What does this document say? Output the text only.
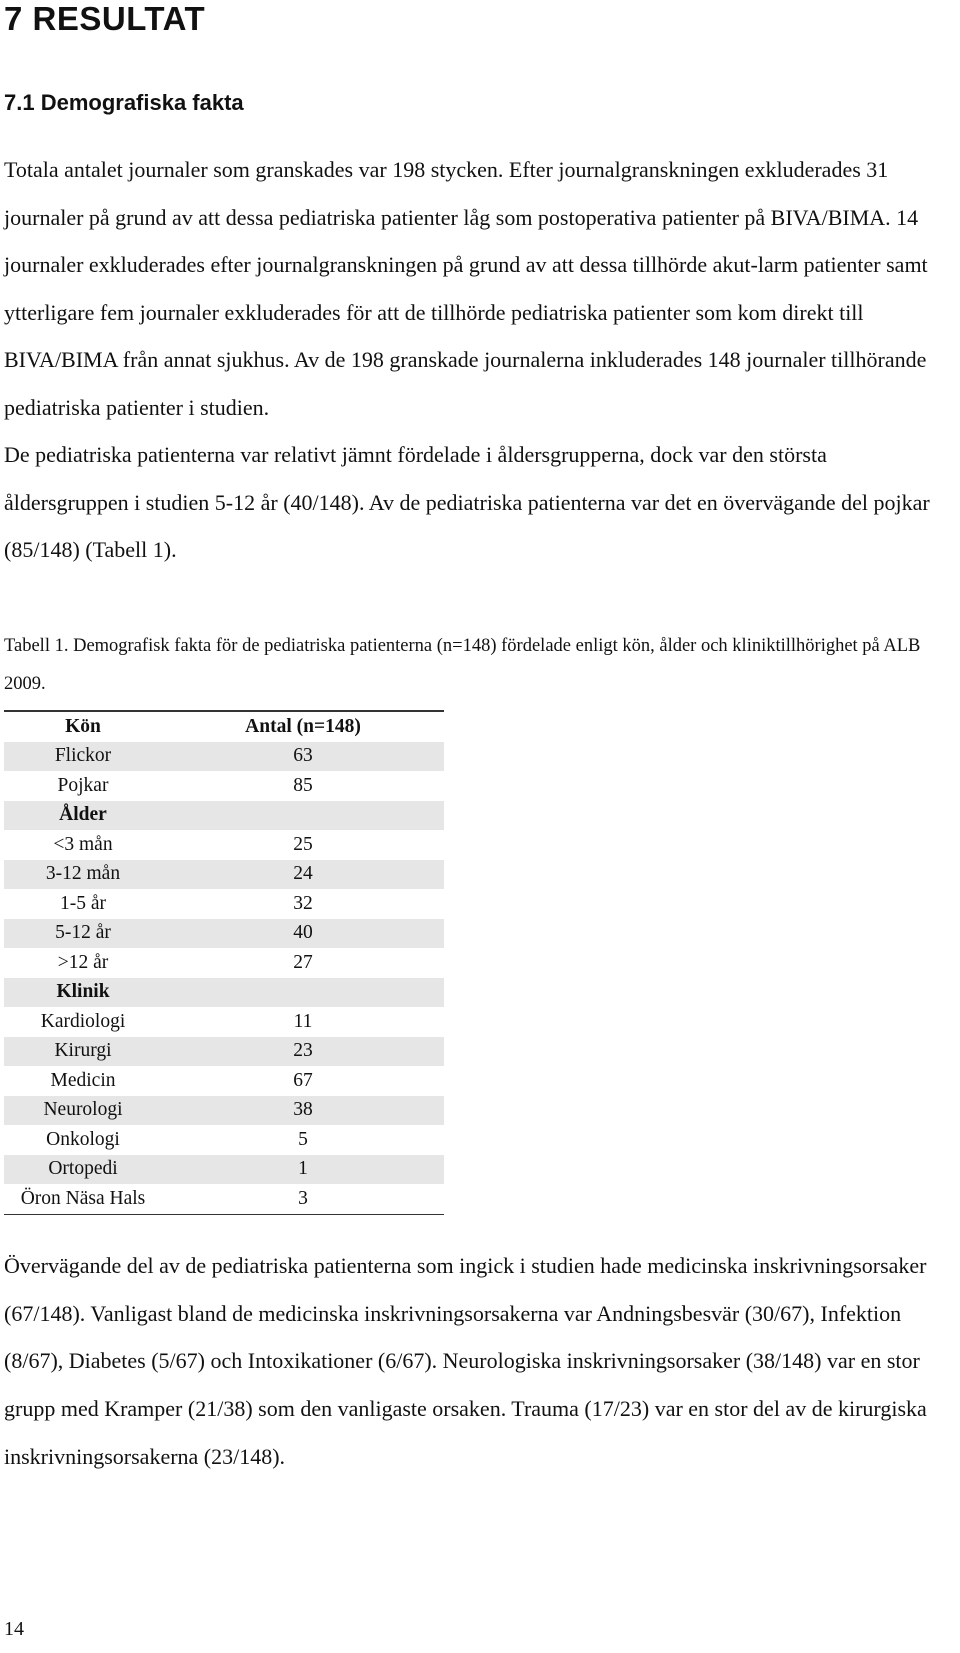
7 RESULTAT
7.1 Demografiska fakta

Totala antalet journaler som granskades var 198 stycken. Efter journalgranskningen exkluderades 31 journaler på grund av att dessa pediatriska patienter låg som postoperativa patienter på BIVA/BIMA. 14 journaler exkluderades efter journalgranskningen på grund av att dessa tillhörde akut-larm patienter samt ytterligare fem journaler exkluderades för att de tillhörde pediatriska patienter som kom direkt till BIVA/BIMA från annat sjukhus. Av de 198 granskade journalerna inkluderades 148 journaler tillhörande pediatriska patienter i studien.

De pediatriska patienterna var relativt jämnt fördelade i åldersgrupperna, dock var den största åldersgruppen i studien 5-12 år (40/148). Av de pediatriska patienterna var det en övervägande del pojkar (85/148) (Tabell 1).

Tabell 1. Demografisk fakta för de pediatriska patienterna (n=148) fördelade enligt kön, ålder och kliniktillhörighet på ALB 2009.

Kön	Antal (n=148)
Flickor	63
Pojkar	85
Ålder	
<3 mån	25
3-12 mån	24
1-5 år	32
5-12 år	40
>12 år	27
Klinik	
Kardiologi	11
Kirurgi	23
Medicin	67
Neurologi	38
Onkologi	5
Ortopedi	1
Öron Näsa Hals	3

Övervägande del av de pediatriska patienterna som ingick i studien hade medicinska inskrivningsorsaker (67/148). Vanligast bland de medicinska inskrivningsorsakerna var Andningsbesvär (30/67), Infektion (8/67), Diabetes (5/67) och Intoxikationer (6/67). Neurologiska inskrivningsorsaker (38/148) var en stor grupp med Kramper (21/38) som den vanligaste orsaken. Trauma (17/23) var en stor del av de kirurgiska inskrivningsorsakerna (23/148).

14
